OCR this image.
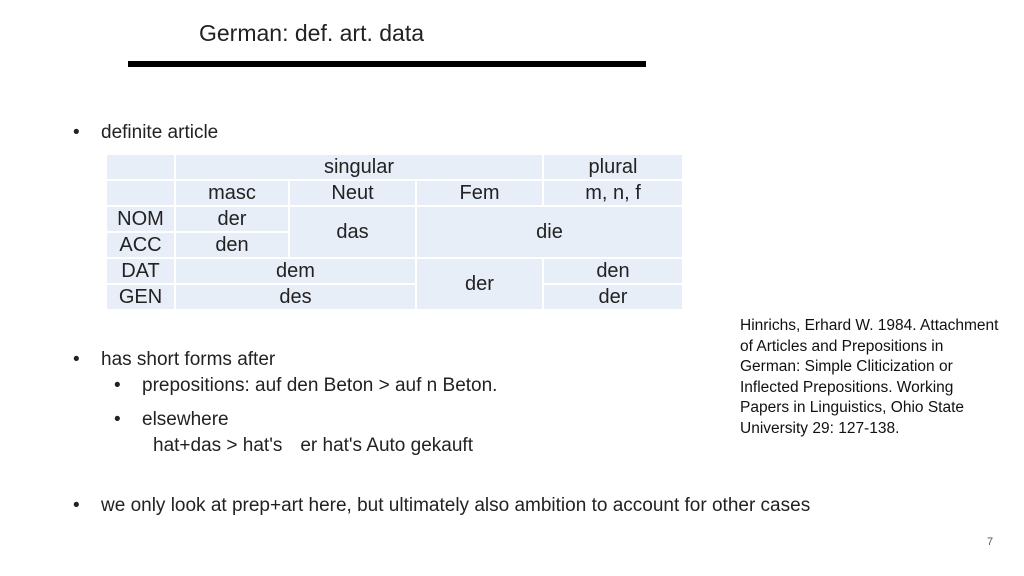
German: def. art. data
• definite article
	singular			plural
	masc	Neut	Fem	m, n, f
NOM	der	das	die	
ACC	den			
DAT	dem		der	den
GEN	des			der
• has short forms after
• prepositions: auf den Beton > auf n Beton.
• elsewhere
hat+das > hat's er hat's Auto gekauft
Hinrichs, Erhard W. 1984. Attachment of Articles and Prepositions in German: Simple Cliticization or Inflected Prepositions. Working Papers in Linguistics, Ohio State University 29: 127-138.
• we only look at prep+art here, but ultimately also ambition to account for other cases
7
